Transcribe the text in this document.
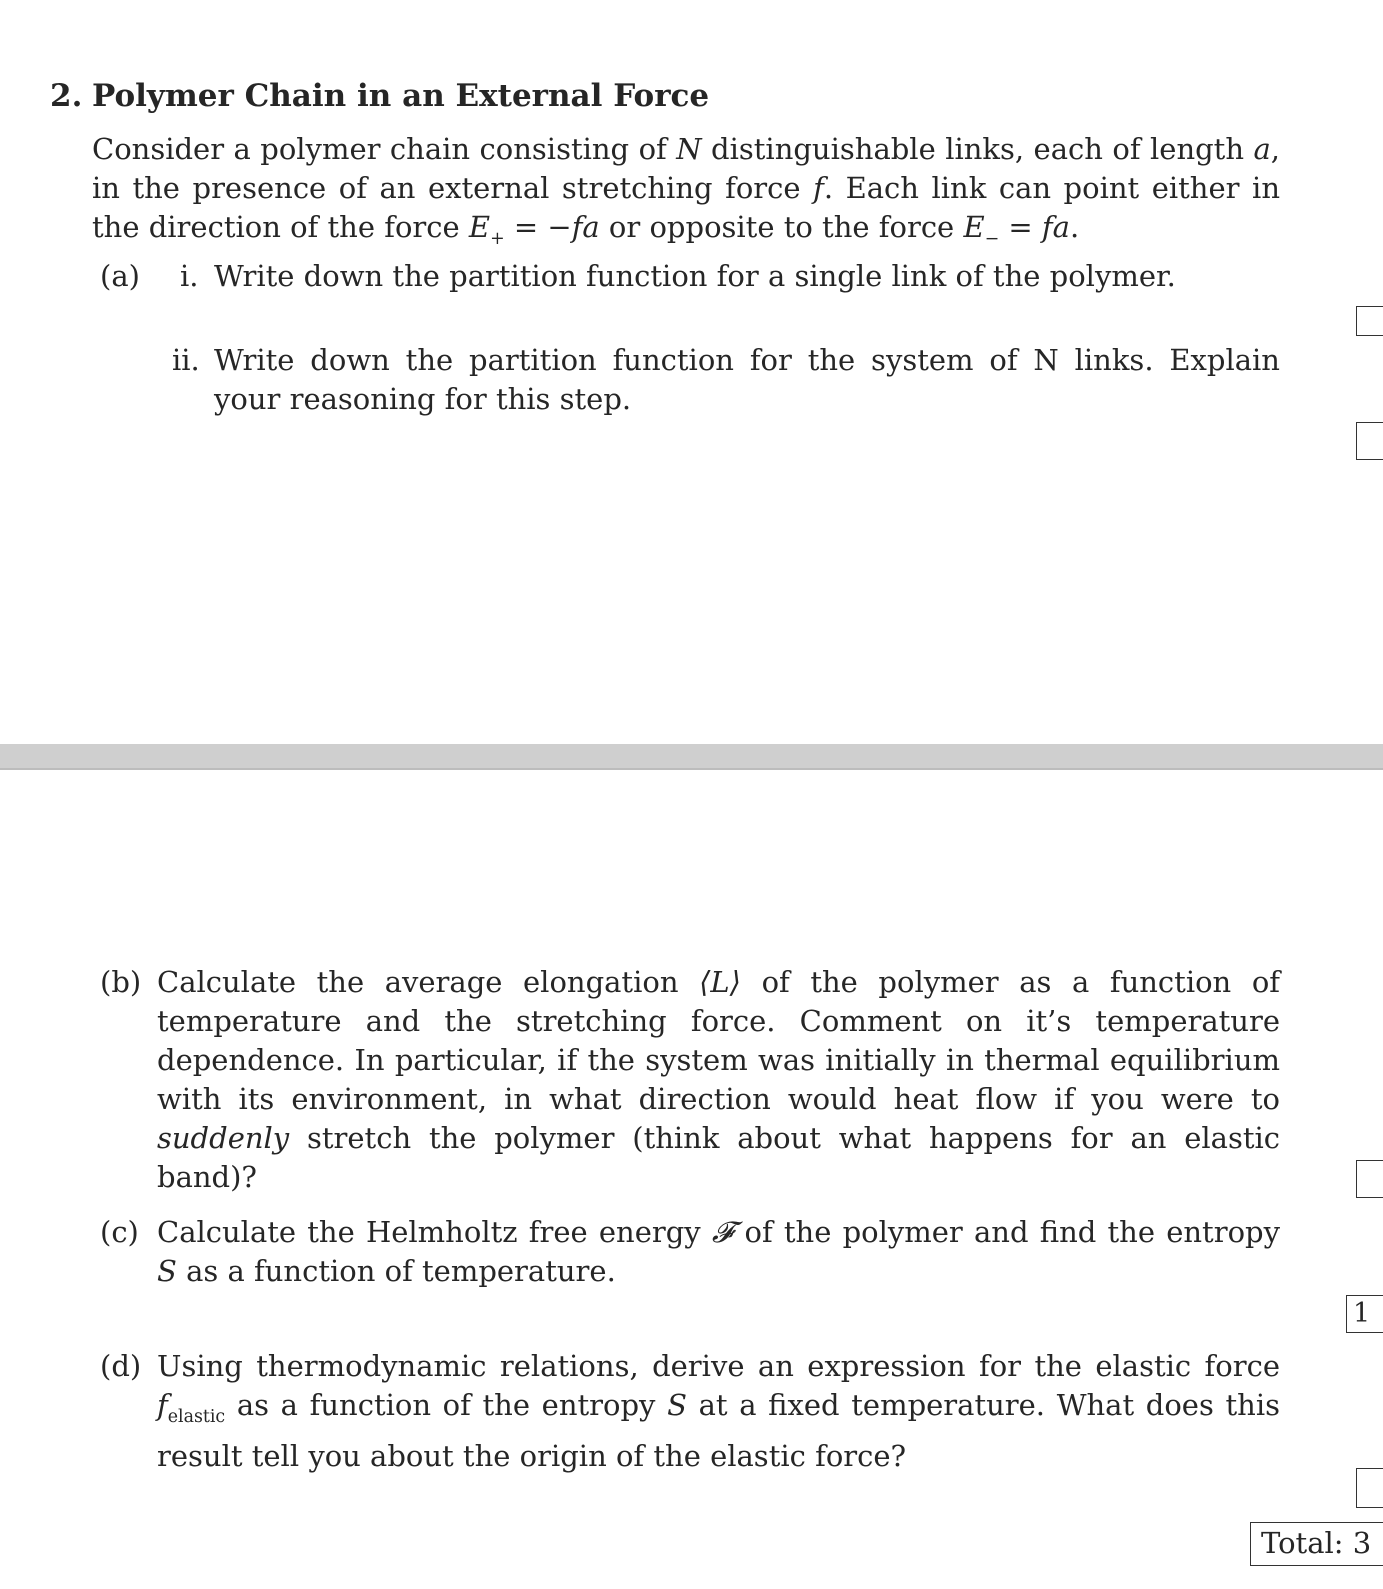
2. Polymer Chain in an External Force
Consider a polymer chain consisting of N distinguishable links, each of length a, in the presence of an external stretching force f. Each link can point either in the direction of the force $E_+ = -fa$ or opposite to the force $E_-$ = fa.
(a) i. Write down the partition function for a single link of the polymer.
ii. Write down the partition function for the system of N links. Explain your reasoning for this step.
(b) Calculate the average elongation ⟨L⟩ of the polymer as a function of temperature and the stretching force. Comment on it’s temperature dependence. In particular, if the system was initially in thermal equilibrium with its environment, in what direction would heat flow if you were to suddenly stretch the polymer (think about what happens for an elastic band)?
(c) Calculate the Helmholtz free energy 𝓕 of the polymer and find the entropy S as a function of temperature.
1
(d) Using thermodynamic relations, derive an expression for the elastic force $f_{elastic}$ as a function of the entropy S at a fixed temperature. What does this result tell you about the origin of the elastic force?
Total: 3
